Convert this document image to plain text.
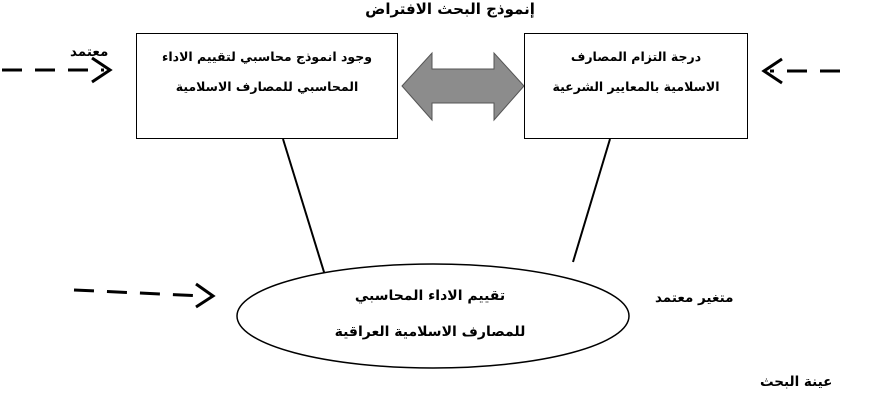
إنموذج البحث الافتراض
وجود انموذج محاسبي لتقييم الاداء
المحاسبي للمصارف الاسلامية
درجة التزام المصارف
الاسلامية بالمعايير الشرعية
تقييم الاداء المحاسبي
للمصارف الاسلامية العراقية
معتمد
متغير معتمد
عينة البحث
